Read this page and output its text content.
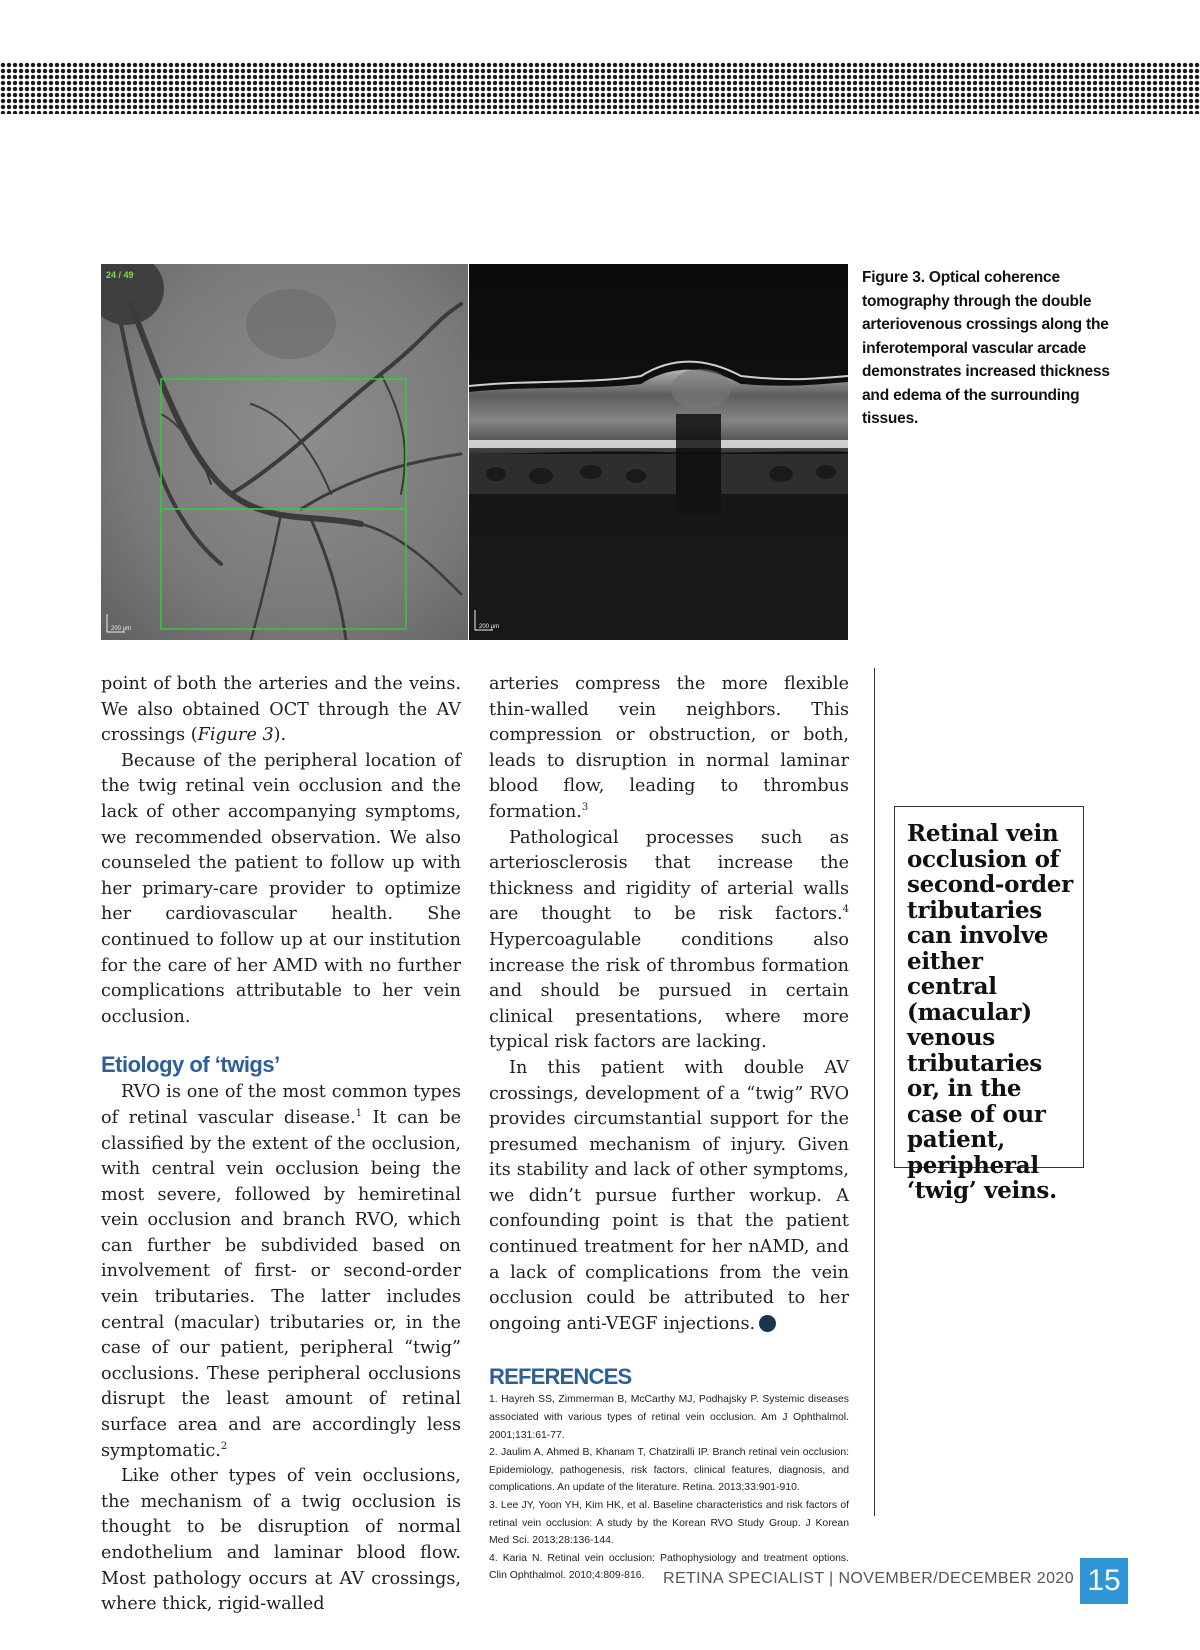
24 / 49
200 µm	200 µm
Figure 3. Optical coherence tomography through the double arteriovenous crossings along the inferotemporal vascular arcade demonstrates increased thickness and edema of the surrounding tissues.

point of both the arteries and the veins. We also obtained OCT through the AV crossings (Figure 3).

Because of the peripheral location of the twig retinal vein occlusion and the lack of other accompanying symptoms, we recommended observation. We also counseled the patient to follow up with her primary-care provider to optimize her cardiovascular health. She continued to follow up at our institution for the care of her AMD with no further complications attributable to her vein occlusion.

Etiology of ‘twigs’

RVO is one of the most common types of retinal vascular disease.$^1$ It can be classified by the extent of the occlusion, with central vein occlusion being the most severe, followed by hemiretinal vein occlusion and branch RVO, which can further be subdivided based on involvement of first- or second-order vein tributaries. The latter includes central (macular) tributaries or, in the case of our patient, peripheral “twig” occlusions. These peripheral occlusions disrupt the least amount of retinal surface area and are accordingly less symptomatic.$^2$

Like other types of vein occlusions, the mechanism of a twig occlusion is thought to be disruption of normal endothelium and laminar blood flow. Most pathology occurs at AV crossings, where thick, rigid-walled

arteries compress the more flexible thin-walled vein neighbors. This compression or obstruction, or both, leads to disruption in normal laminar blood flow, leading to thrombus formation.$^3$

Pathological processes such as arteriosclerosis that increase the thickness and rigidity of arterial walls are thought to be risk factors.$^4$ Hypercoagulable conditions also increase the risk of thrombus formation and should be pursued in certain clinical presentations, where more typical risk factors are lacking.

In this patient with double AV crossings, development of a “twig” RVO provides circumstantial support for the presumed mechanism of injury. Given its stability and lack of other symptoms, we didn’t pursue further workup. A confounding point is that the patient continued treatment for her nAMD, and a lack of complications from the vein occlusion could be attributed to her ongoing anti-VEGF injections.	RS

REFERENCES
1. Hayreh SS, Zimmerman B, McCarthy MJ, Podhajsky P. Systemic diseases associated with various types of retinal vein occlusion. Am J Ophthalmol. 2001;131:61-77.
2. Jaulim A, Ahmed B, Khanam T, Chatziralli IP. Branch retinal vein occlusion: Epidemiology, pathogenesis, risk factors, clinical features, diagnosis, and complications. An update of the literature. Retina. 2013;33:901-910.
3. Lee JY, Yoon YH, Kim HK, et al. Baseline characteristics and risk factors of retinal vein occlusion: A study by the Korean RVO Study Group. J Korean Med Sci. 2013;28:136-144.
4. Karia N. Retinal vein occlusion: Pathophysiology and treatment options. Clin Ophthalmol. 2010;4:809-816.
Retinal vein occlusion of second-order tributaries can involve either central (macular) venous tributaries or, in the case of our patient, peripheral ‘twig’ veins.
RETINA SPECIALIST | NOVEMBER/DECEMBER 2020 15
